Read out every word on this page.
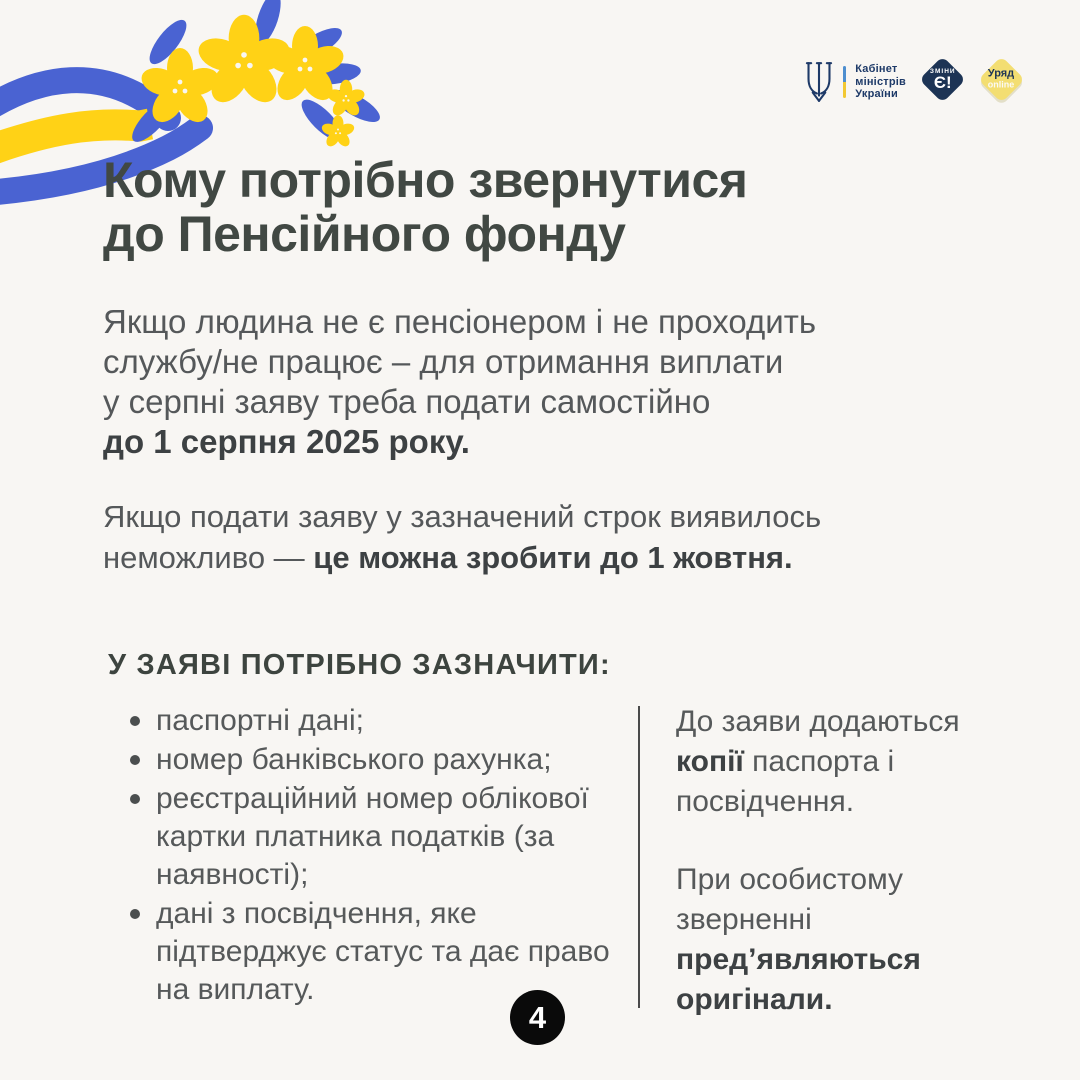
Кабінет
міністрів
України
ЗМІНИ
Є!	Уряд
online
Кому потрібно звернутися
до Пенсійного фонду
Якщо людина не є пенсіонером і не проходить
службу/не працює – для отримання виплати
у серпні заяву треба подати самостійно
до 1 серпня 2025 року.
Якщо подати заяву у зазначений строк виявилось
неможливо — це можна зробити до 1 жовтня.
У ЗАЯВІ ПОТРІБНО ЗАЗНАЧИТИ:
паспортні дані;
номер банківського рахунка;
реєстраційний номер облікової картки платника податків (за наявності);
дані з посвідчення, яке підтверджує статус та дає право на виплату.
До заяви додаються копії паспорта і посвідчення.
При особистому зверненні пред’являються оригінали.
4
